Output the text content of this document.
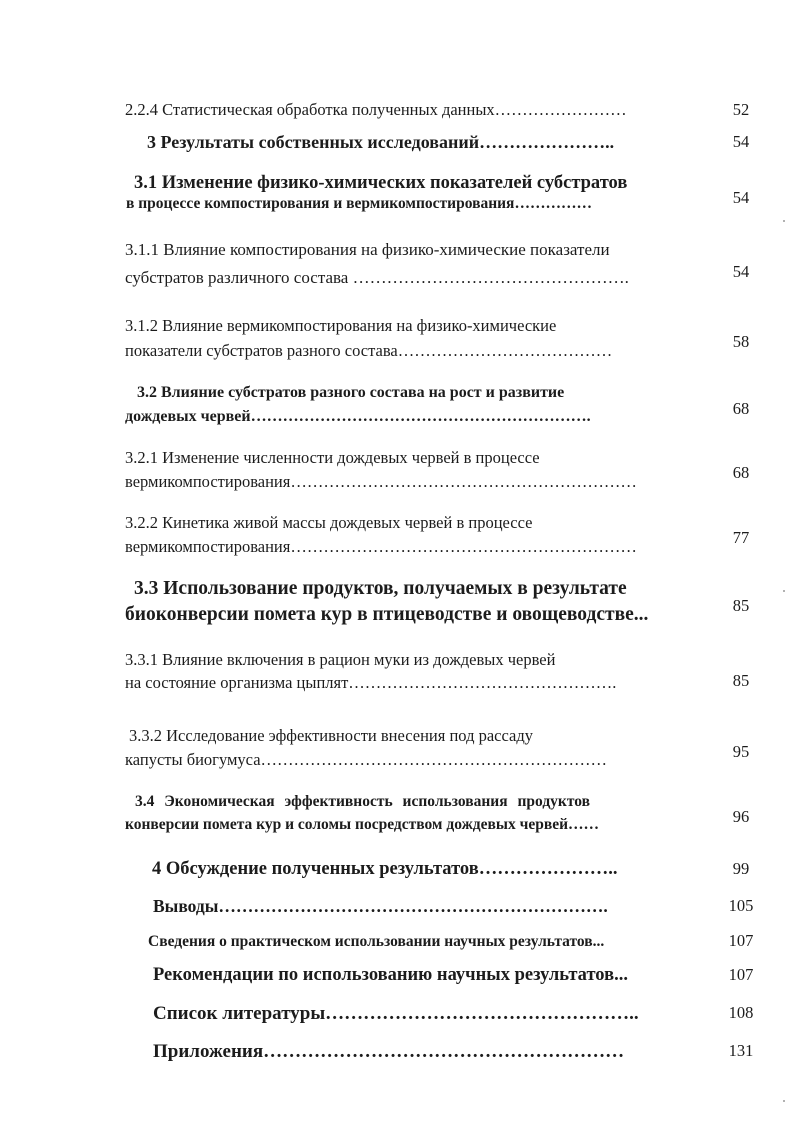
2.2.4 Статистическая обработка полученных данных……………………	52
3 Результаты собственных исследований…………………..	54
3.1 Изменение физико-химических показателей субстратов
в процессе компостирования и вермикомпостирования……………	54
3.1.1 Влияние компостирования на физико-химические показатели
субстратов различного состава ………………………………………….	54
3.1.2 Влияние вермикомпостирования на физико-химические
показатели субстратов разного состава…………………………………	58
3.2 Влияние субстратов разного состава на рост и развитие
дождевых червей……………………………………………………….	68
3.2.1 Изменение численности дождевых червей в процессе
вермикомпостирования………………………………………………………	68
3.2.2 Кинетика живой массы дождевых червей в процессе
вермикомпостирования………………………………………………………	77
3.3 Использование продуктов, получаемых в результате
биоконверсии помета кур в птицеводстве и овощеводстве...	85
3.3.1 Влияние включения в рацион муки из дождевых червей
на состояние организма цыплят………………………………………….	85
3.3.2 Исследование эффективности внесения под рассаду
капусты биогумуса………………………………………………………	95
3.4 Экономическая эффективность использования продуктов
конверсии помета кур и соломы посредством дождевых червей……	96
4 Обсуждение полученных результатов…………………..	99
Выводы………………………………………………………….	105
Сведения о практическом использовании научных результатов...	107
Рекомендации по использованию научных результатов...	107
Список литературы…………………………………………..	108
Приложения…………………………………………………	131
